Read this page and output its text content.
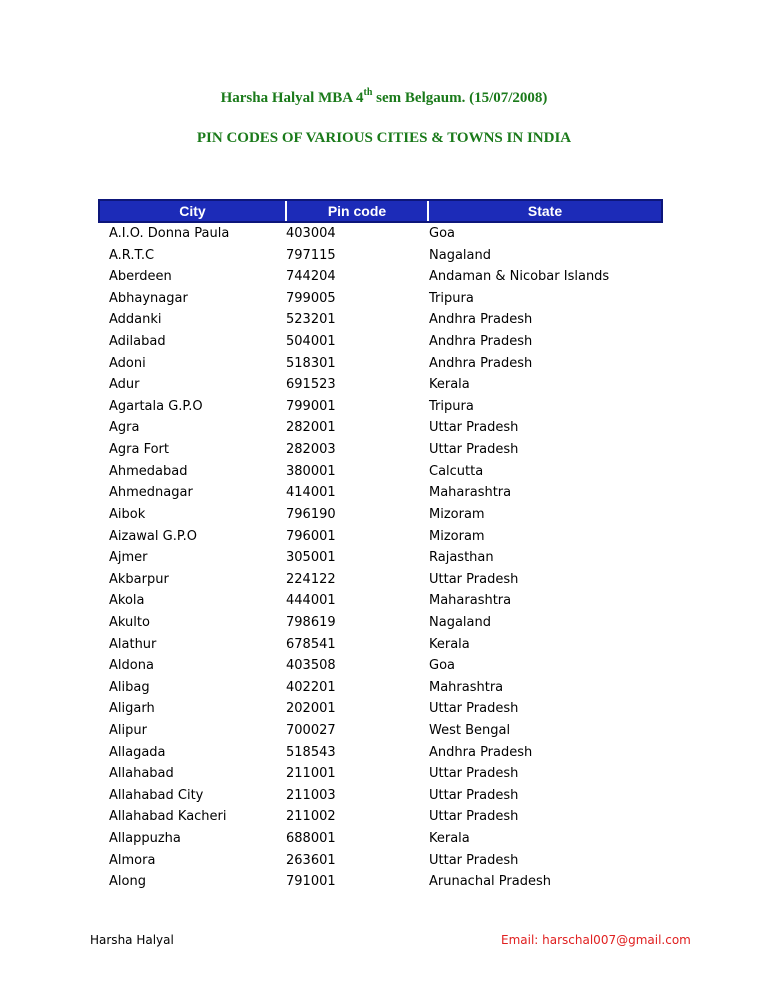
Harsha Halyal MBA 4th sem Belgaum. (15/07/2008)
PIN CODES OF VARIOUS CITIES & TOWNS IN INDIA
City	Pin code	State
A.I.O. Donna Paula	403004	Goa
A.R.T.C	797115	Nagaland
Aberdeen	744204	Andaman & Nicobar Islands
Abhaynagar	799005	Tripura
Addanki	523201	Andhra Pradesh
Adilabad	504001	Andhra Pradesh
Adoni	518301	Andhra Pradesh
Adur	691523	Kerala
Agartala G.P.O	799001	Tripura
Agra	282001	Uttar Pradesh
Agra Fort	282003	Uttar Pradesh
Ahmedabad	380001	Calcutta
Ahmednagar	414001	Maharashtra
Aibok	796190	Mizoram
Aizawal G.P.O	796001	Mizoram
Ajmer	305001	Rajasthan
Akbarpur	224122	Uttar Pradesh
Akola	444001	Maharashtra
Akulto	798619	Nagaland
Alathur	678541	Kerala
Aldona	403508	Goa
Alibag	402201	Mahrashtra
Aligarh	202001	Uttar Pradesh
Alipur	700027	West Bengal
Allagada	518543	Andhra Pradesh
Allahabad	211001	Uttar Pradesh
Allahabad City	211003	Uttar Pradesh
Allahabad Kacheri	211002	Uttar Pradesh
Allappuzha	688001	Kerala
Almora	263601	Uttar Pradesh
Along	791001	Arunachal Pradesh
Harsha Halyal	Email: harschal007@gmail.com
